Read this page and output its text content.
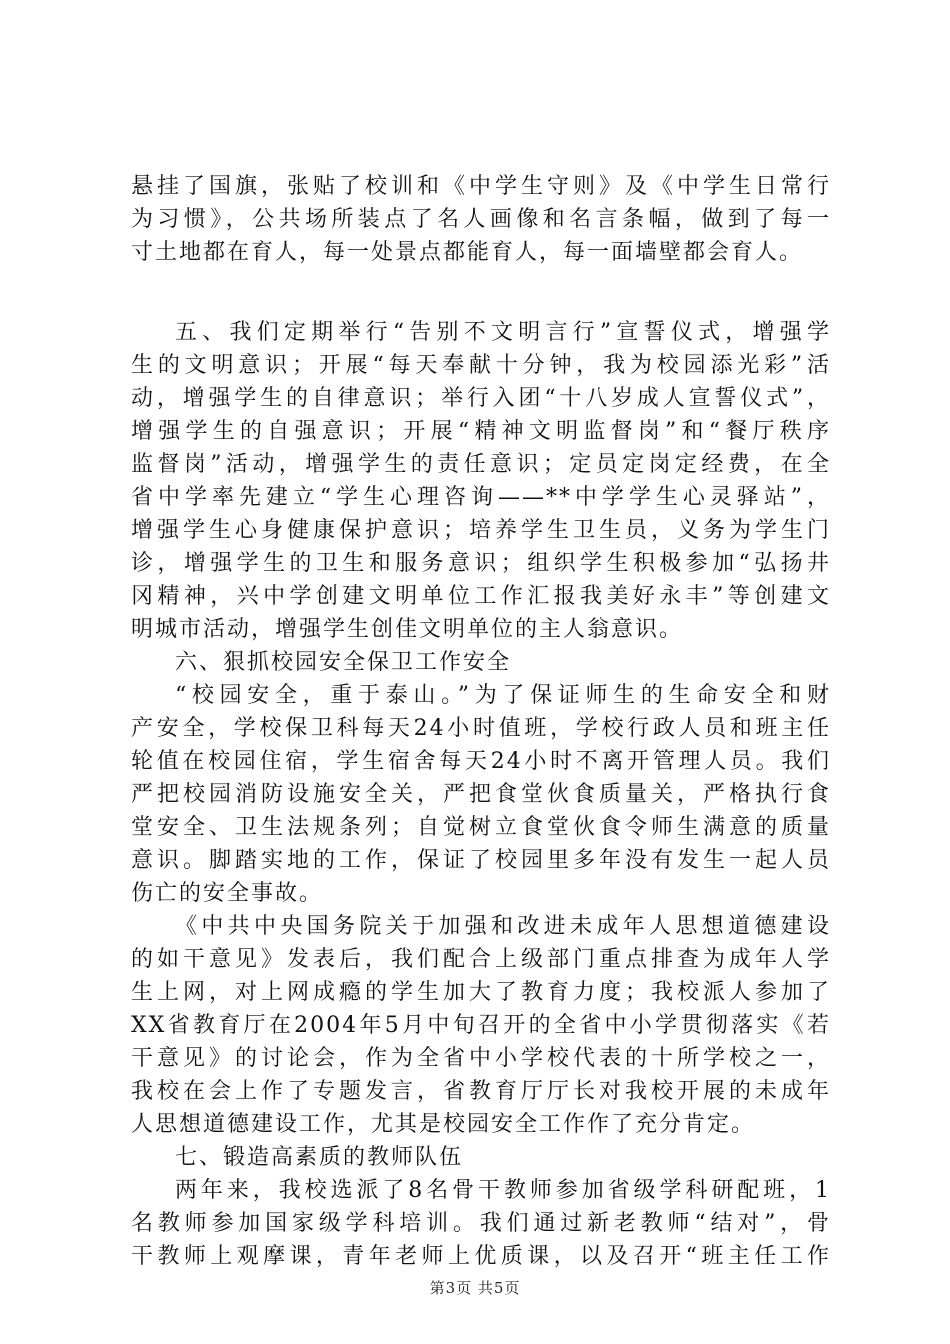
悬挂了国旗，张贴了校训和《中学生守则》及《中学生日常行
为习惯》，公共场所装点了名人画像和名言条幅，做到了每一
寸土地都在育人，每一处景点都能育人，每一面墙壁都会育人。
五、我们定期举行“告别不文明言行”宣誓仪式，增强学
生的文明意识；开展“每天奉献十分钟，我为校园添光彩”活
动，增强学生的自律意识；举行入团“十八岁成人宣誓仪式”，
增强学生的自强意识；开展“精神文明监督岗”和“餐厅秩序
监督岗”活动，增强学生的责任意识；定员定岗定经费，在全
省中学率先建立“学生心理咨询——**中学学生心灵驿站”，
增强学生心身健康保护意识；培养学生卫生员，义务为学生门
诊，增强学生的卫生和服务意识；组织学生积极参加“弘扬井
冈精神，兴中学创建文明单位工作汇报我美好永丰”等创建文
明城市活动，增强学生创佳文明单位的主人翁意识。
六、狠抓校园安全保卫工作安全
“校园安全，重于泰山。”为了保证师生的生命安全和财
产安全，学校保卫科每天24小时值班，学校行政人员和班主任
轮值在校园住宿，学生宿舍每天24小时不离开管理人员。我们
严把校园消防设施安全关，严把食堂伙食质量关，严格执行食
堂安全、卫生法规条列；自觉树立食堂伙食令师生满意的质量
意识。脚踏实地的工作，保证了校园里多年没有发生一起人员
伤亡的安全事故。
《中共中央国务院关于加强和改进未成年人思想道德建设
的如干意见》发表后，我们配合上级部门重点排查为成年人学
生上网，对上网成瘾的学生加大了教育力度；我校派人参加了
XX省教育厅在2004年5月中旬召开的全省中小学贯彻落实《若
干意见》的讨论会，作为全省中小学校代表的十所学校之一，
我校在会上作了专题发言，省教育厅厅长对我校开展的未成年
人思想道德建设工作，尤其是校园安全工作作了充分肯定。
七、锻造高素质的教师队伍
两年来，我校选派了8名骨干教师参加省级学科研配班，1
名教师参加国家级学科培训。我们通过新老教师“结对”，骨
干教师上观摩课，青年老师上优质课，以及召开“班主任工作
第3页 共5页
